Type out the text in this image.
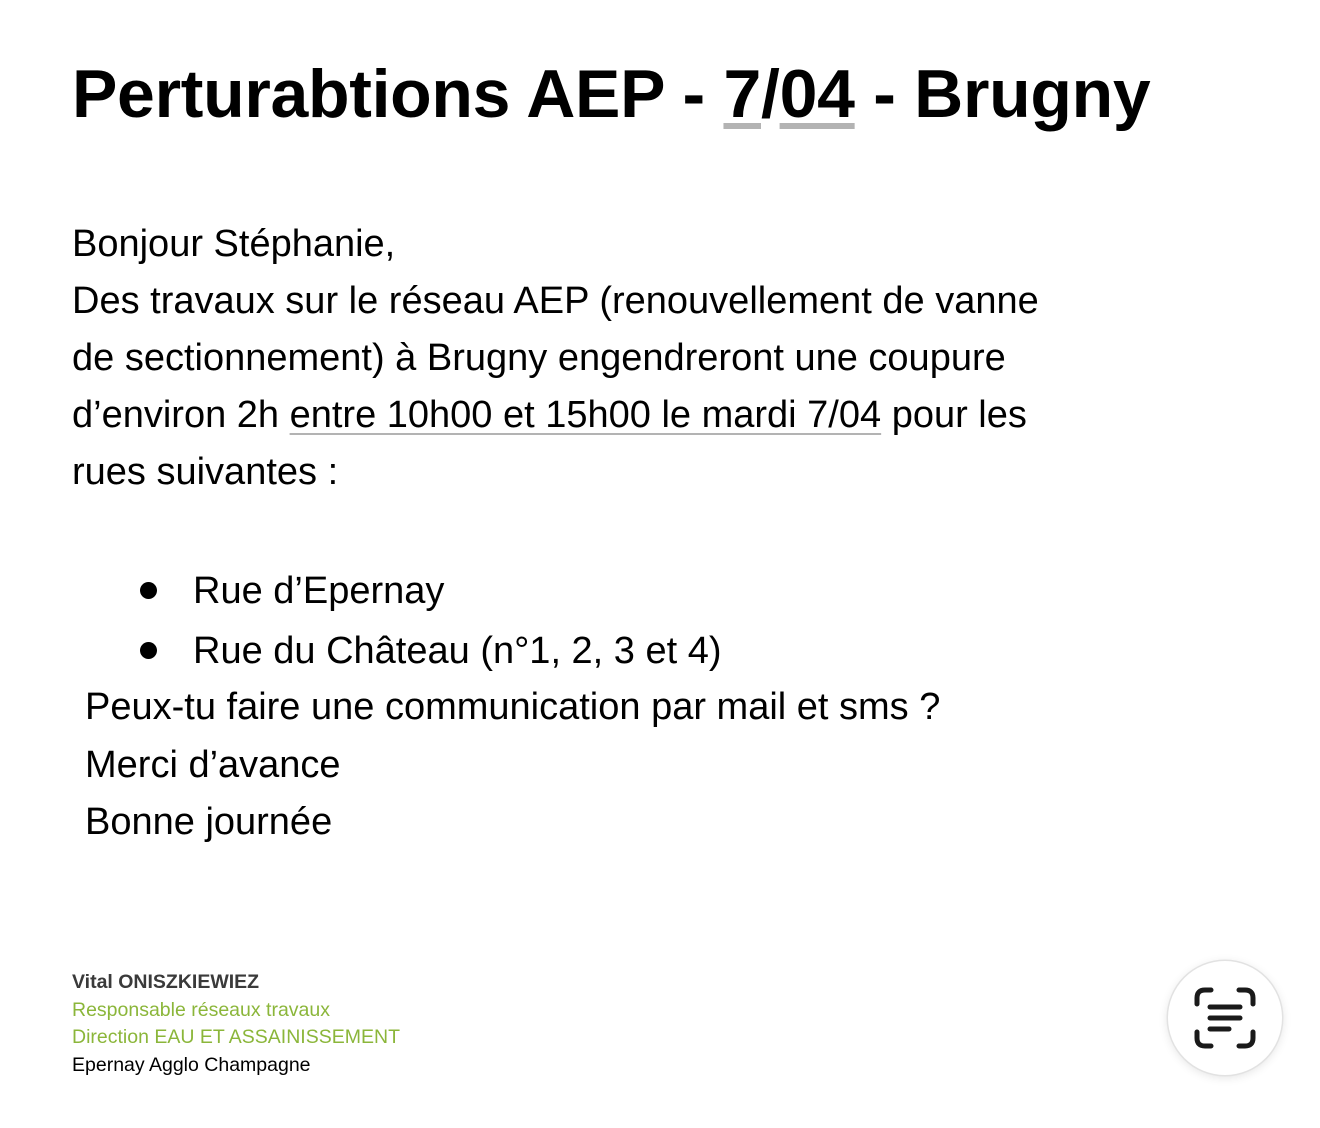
Perturabtions AEP - 7/04 - Brugny

Bonjour Stéphanie,

Des travaux sur le réseau AEP (renouvellement de vanne

de sectionnement) à Brugny engendreront une coupure

d’environ 2h entre 10h00 et 15h00 le mardi 7/04 pour les

rues suivantes :

Rue d’Epernay
Rue du Château (n°1, 2, 3 et 4)

Peux-tu faire une communication par mail et sms ?

Merci d’avance

Bonne journée

Vital ONISZKIEWIEZ
Responsable réseaux travaux
Direction EAU ET ASSAINISSEMENT
Epernay Agglo Champagne
